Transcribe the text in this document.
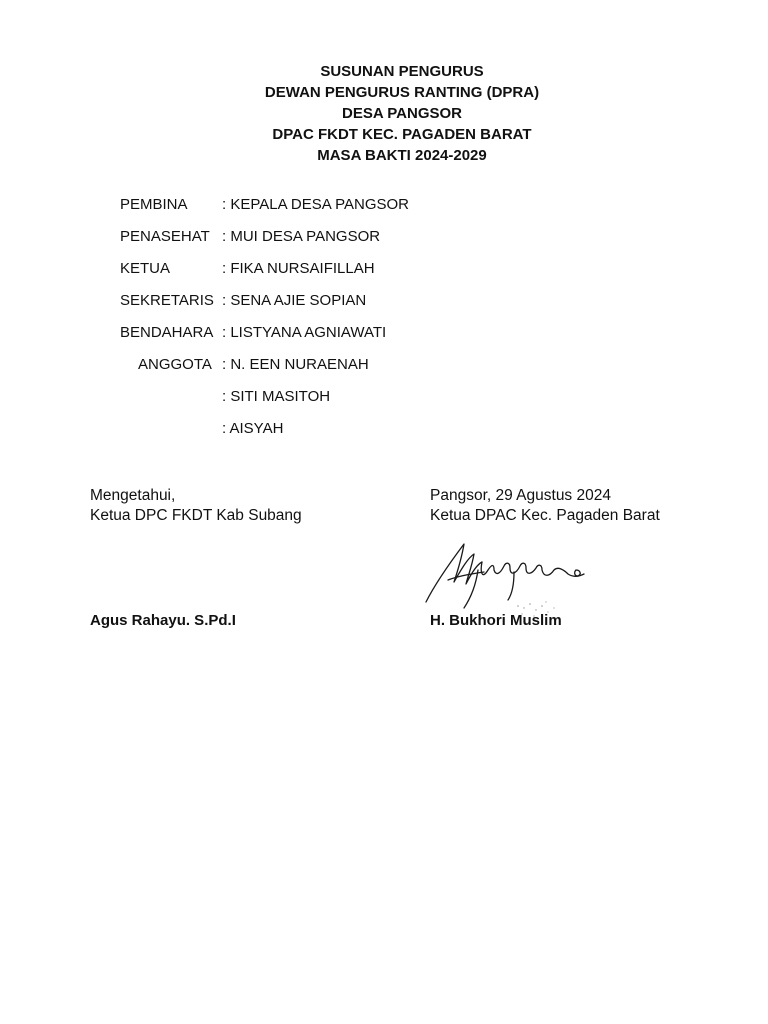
SUSUNAN PENGURUS
DEWAN PENGURUS RANTING (DPRA)
DESA PANGSOR
DPAC FKDT KEC. PAGADEN BARAT
MASA BAKTI 2024-2029
PEMBINA : KEPALA DESA PANGSOR
PENASEHAT : MUI DESA PANGSOR
KETUA	: FIKA NURSAIFILLAH
SEKRETARIS : SENA AJIE SOPIAN
BENDAHARA : LISTYANA AGNIAWATI
ANGGOTA : N. EEN NURAENAH
: SITI MASITOH
: AISYAH
Mengetahui,
Ketua DPC FKDT Kab Subang
Pangsor, 29 Agustus 2024
Ketua DPAC Kec. Pagaden Barat
Agus Rahayu. S.Pd.I	H. Bukhori Muslim
